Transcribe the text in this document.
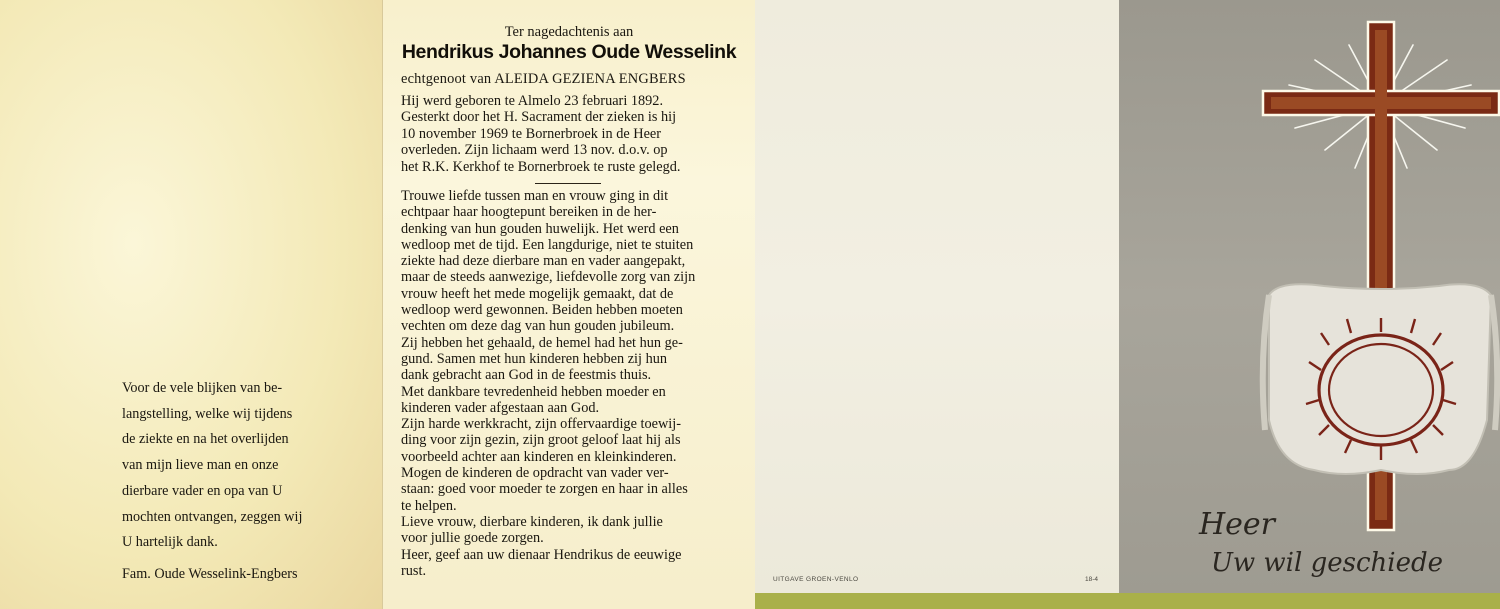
Voor de vele blijken van be-
langstelling, welke wij tijdens
de ziekte en na het overlijden
van mijn lieve man en onze
dierbare vader en opa van U
mochten ontvangen, zeggen wij
U hartelijk dank.

Fam. Oude Wesselink-Engbers

Ter nagedachtenis aan

Hendrikus Johannes Oude Wesselink

echtgenoot van ALEIDA GEZIENA ENGBERS

Hij werd geboren te Almelo 23 februari 1892.
Gesterkt door het H. Sacrament der zieken is hij
10 november 1969 te Bornerbroek in de Heer
overleden. Zijn lichaam werd 13 nov. d.o.v. op
het R.K. Kerkhof te Bornerbroek te ruste gelegd.

Trouwe liefde tussen man en vrouw ging in dit
echtpaar haar hoogtepunt bereiken in de her-
denking van hun gouden huwelijk. Het werd een
wedloop met de tijd. Een langdurige, niet te stuiten
ziekte had deze dierbare man en vader aangepakt,
maar de steeds aanwezige, liefdevolle zorg van zijn
vrouw heeft het mede mogelijk gemaakt, dat de
wedloop werd gewonnen. Beiden hebben moeten
vechten om deze dag van hun gouden jubileum.
Zij hebben het gehaald, de hemel had het hun ge-
gund. Samen met hun kinderen hebben zij hun
dank gebracht aan God in de feestmis thuis.
Met dankbare tevredenheid hebben moeder en
kinderen vader afgestaan aan God.
Zijn harde werkkracht, zijn offervaardige toewij-
ding voor zijn gezin, zijn groot geloof laat hij als
voorbeeld achter aan kinderen en kleinkinderen.
Mogen de kinderen de opdracht van vader ver-
staan: goed voor moeder te zorgen en haar in alles
te helpen.
Lieve vrouw, dierbare kinderen, ik dank jullie
voor jullie goede zorgen.
Heer, geef aan uw dienaar Hendrikus de eeuwige
rust.

UITGAVE GROEN-VENLO	18-4

Heer

Uw wil geschiede
